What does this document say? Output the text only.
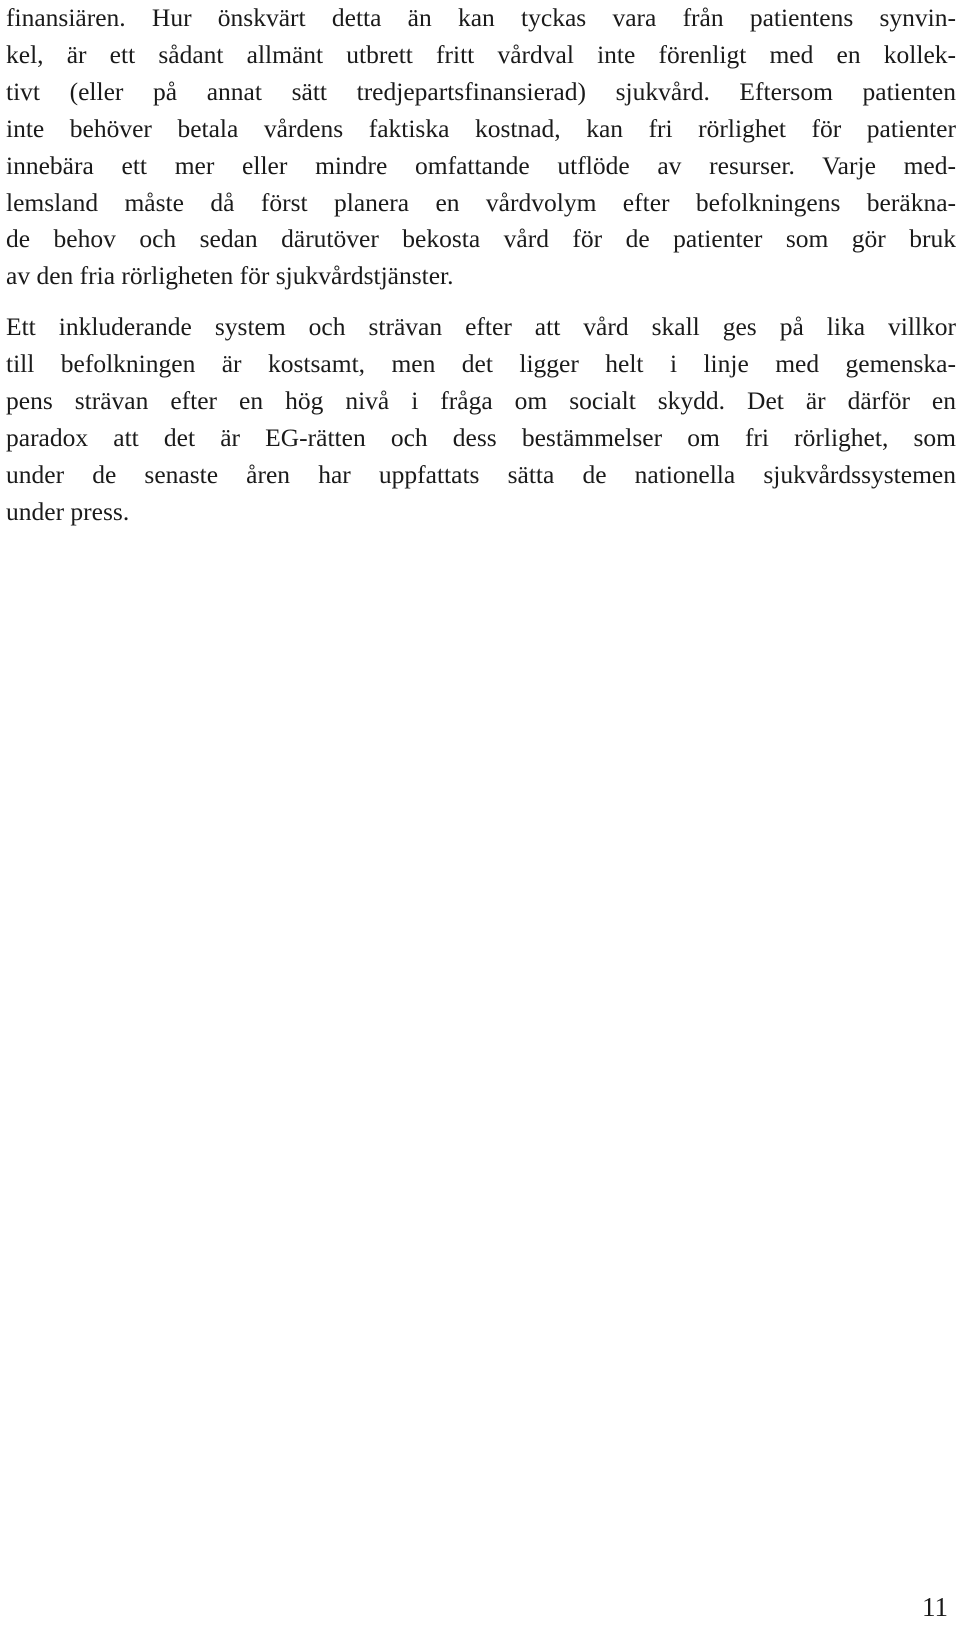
finansiären. Hur önskvärt detta än kan tyckas vara från patientens synvin-
kel, är ett sådant allmänt utbrett fritt vårdval inte förenligt med en kollek-
tivt (eller på annat sätt tredjepartsfinansierad) sjukvård. Eftersom patienten
inte behöver betala vårdens faktiska kostnad, kan fri rörlighet för patienter
innebära ett mer eller mindre omfattande utflöde av resurser. Varje med-
lemsland måste då först planera en vårdvolym efter befolkningens beräkna-
de behov och sedan därutöver bekosta vård för de patienter som gör bruk
av den fria rörligheten för sjukvårdstjänster.

Ett inkluderande system och strävan efter att vård skall ges på lika villkor
till befolkningen är kostsamt, men det ligger helt i linje med gemenska-
pens strävan efter en hög nivå i fråga om socialt skydd. Det är därför en
paradox att det är EG-rätten och dess bestämmelser om fri rörlighet, som
under de senaste åren har uppfattats sätta de nationella sjukvårdssystemen
under press.

11
